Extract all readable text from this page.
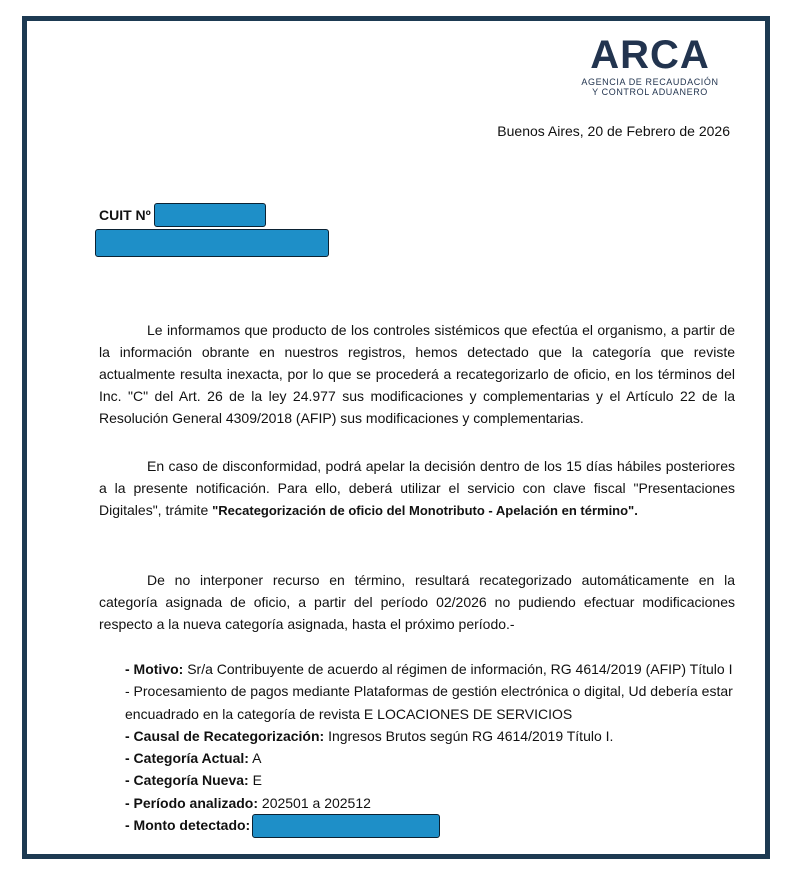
ARCA
AGENCIA DE RECAUDACIÓN
Y CONTROL ADUANERO
Buenos Aires, 20 de Febrero de 2026
CUIT Nº

Le informamos que producto de los controles sistémicos que efectúa el organismo, a partir de la información obrante en nuestros registros, hemos detectado que la categoría que reviste actualmente resulta inexacta, por lo que se procederá a recategorizarlo de oficio, en los términos del Inc. "C" del Art. 26 de la ley 24.977 sus modificaciones y complementarias y el Artículo 22 de la Resolución General 4309/2018 (AFIP) sus modificaciones y complementarias.

En caso de disconformidad, podrá apelar la decisión dentro de los 15 días hábiles posteriores a la presente notificación. Para ello, deberá utilizar el servicio con clave fiscal "Presentaciones Digitales", trámite "Recategorización de oficio del Monotributo - Apelación en término".

De no interponer recurso en término, resultará recategorizado automáticamente en la categoría asignada de oficio, a partir del período 02/2026 no pudiendo efectuar modificaciones respecto a la nueva categoría asignada, hasta el próximo período.-

- Motivo: Sr/a Contribuyente de acuerdo al régimen de información, RG 4614/2019 (AFIP) Título I - Procesamiento de pagos mediante Plataformas de gestión electrónica o digital, Ud debería estar encuadrado en la categoría de revista E LOCACIONES DE SERVICIOS

- Causal de Recategorización: Ingresos Brutos según RG 4614/2019 Título I.

- Categoría Actual: A

- Categoría Nueva: E

- Período analizado: 202501 a 202512

- Monto detectado:
